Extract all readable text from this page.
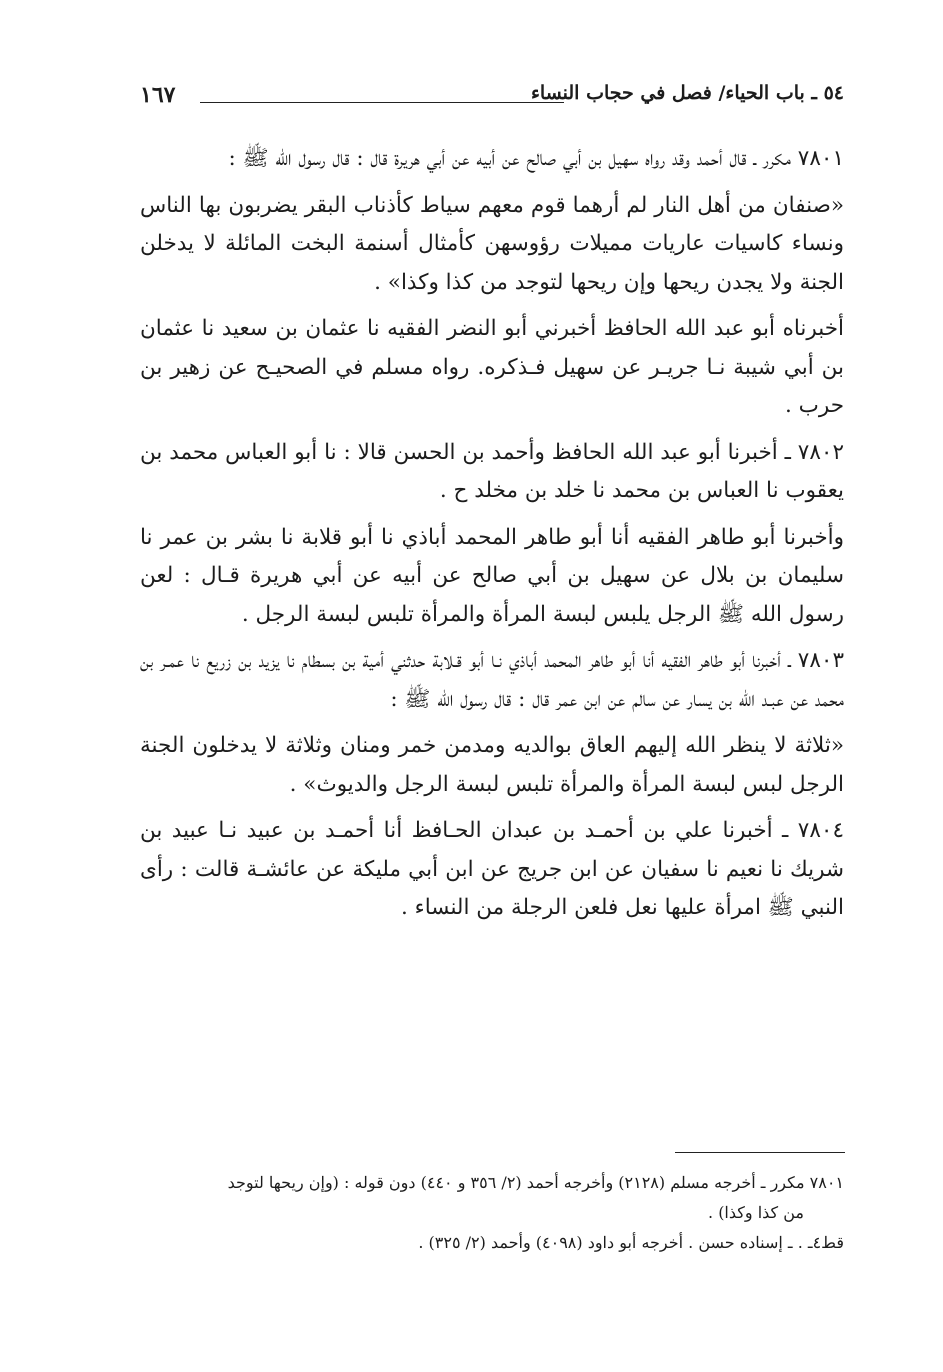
٥٤ ـ باب الحياء/ فصل في حجاب النساء
١٦٧

٧٨٠١ مكرر ـ قال أحمد وقد رواه سهيل بن أبي صالح عن أبيه عن أبي هريرة قال : قال رسول الله ﷺ :

«صنفان من أهل النار لم أرهما قوم معهم سياط كأذناب البقر يضربون بها الناس ونساء كاسيات عاريات مميلات رؤوسهن كأمثال أسنمة البخت المائلة لا يدخلن الجنة ولا يجدن ريحها وإن ريحها لتوجد من كذا وكذا» .

أخبرناه أبو عبد الله الحافظ أخبرني أبو النضر الفقيه نا عثمان بن سعيد نا عثمان بن أبي شيبة نـا جريـر عن سهيل فـذكره. رواه مسلم في الصحيـح عن زهير بن حرب .

٧٨٠٢ ـ أخبرنا أبو عبد الله الحافظ وأحمد بن الحسن قالا : نا أبو العباس محمد بن يعقوب نا العباس بن محمد نا خلد بن مخلد ح .

وأخبرنا أبو طاهر الفقيه أنا أبو طاهر المحمد أباذي نا أبو قلابة نا بشر بن عمر نا سليمان بن بلال عن سهيل بن أبي صالح عن أبيه عن أبي هريرة قـال : لعن رسول الله ﷺ الرجل يلبس لبسة المرأة والمرأة تلبس لبسة الرجل .

٧٨٠٣ ـ أخبرنا أبو طاهر الفقيه أنا أبو طاهر المحمد أباذي نـا أبو قـلابة حدثني أمية بن بسطام نا يزيد بن زريع نا عمـر بن محمد عن عبـد الله بن يسار عن سالم عن ابن عمر قال : قال رسول الله ﷺ :

«ثلاثة لا ينظر الله إليهم العاق بوالديه ومدمن خمر ومنان وثلاثة لا يدخلون الجنة الرجل لبس لبسة المرأة والمرأة تلبس لبسة الرجل والديوث» .

٧٨٠٤ ـ أخبرنا علي بن أحمـد بن عبدان الحـافظ أنا أحمـد بن عبيد نـا عبيد بن شريك نا نعيم نا سفيان عن ابن جريج عن ابن أبي مليكة عن عائشـة قالت : رأى النبي ﷺ امرأة عليها نعل فلعن الرجلة من النساء .

٧٨٠١ مكرر ـ أخرجه مسلم (٢١٢٨) وأخرجه أحمد (٢/ ٣٥٦ و ٤٤٠) دون قوله : (وإن ريحها لتوجد

من كذا وكذا) .

قط٤ـ . ـ إسناده حسن . أخرجه أبو داود (٤٠٩٨) وأحمد (٢/ ٣٢٥) .
